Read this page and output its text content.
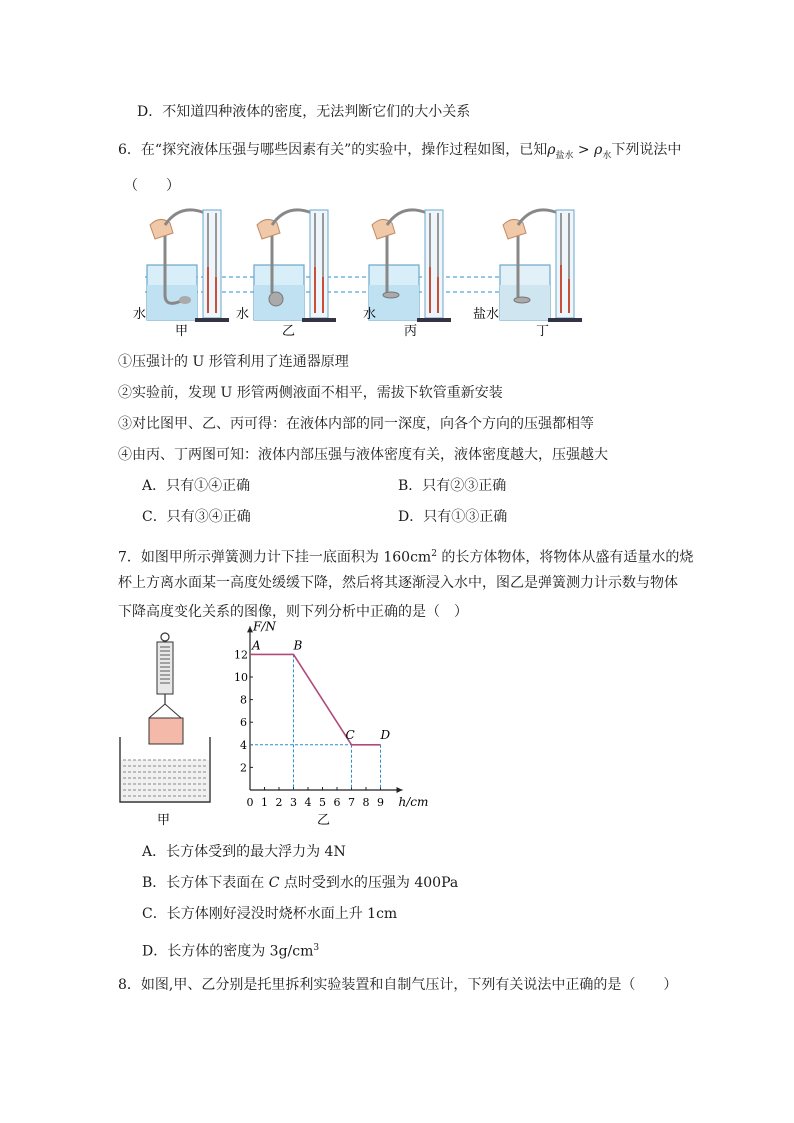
D．不知道四种液体的密度，无法判断它们的大小关系
6．在“探究液体压强与哪些因素有关”的实验中，操作过程如图，已知$\rho_{盐水} > \rho_水$下列说法中
（　　）
水
甲
水
乙
水
丙
盐水
丁
①压强计的 U 形管利用了连通器原理
②实验前，发现 U 形管两侧液面不相平，需拔下软管重新安装
③对比图甲、乙、丙可得：在液体内部的同一深度，向各个方向的压强都相等
④由丙、丁两图可知：液体内部压强与液体密度有关，液体密度越大，压强越大
A．只有①④正确	B．只有②③正确
C．只有③④正确	D．只有①③正确
7．如图甲所示弹簧测力计下挂一底面积为 $160cm^2$ 的长方体物体，将物体从盛有适量水的烧
杯上方离水面某一高度处缓缓下降，然后将其逐渐浸入水中，图乙是弹簧测力计示数与物体
下降高度变化关系的图像，则下列分析中正确的是（　）
甲
F/N
h/cm
0 1 2 3 4 5 6 7 8 9
2
4
6
8
10
12
A	B
C D
乙
A．长方体受到的最大浮力为 4N
B．长方体下表面在 C 点时受到水的压强为 400Pa
C．长方体刚好浸没时烧杯水面上升 1cm
D．长方体的密度为 $3g/cm^3$
8．如图,甲、乙分别是托里拆利实验装置和自制气压计，下列有关说法中正确的是（　　）
